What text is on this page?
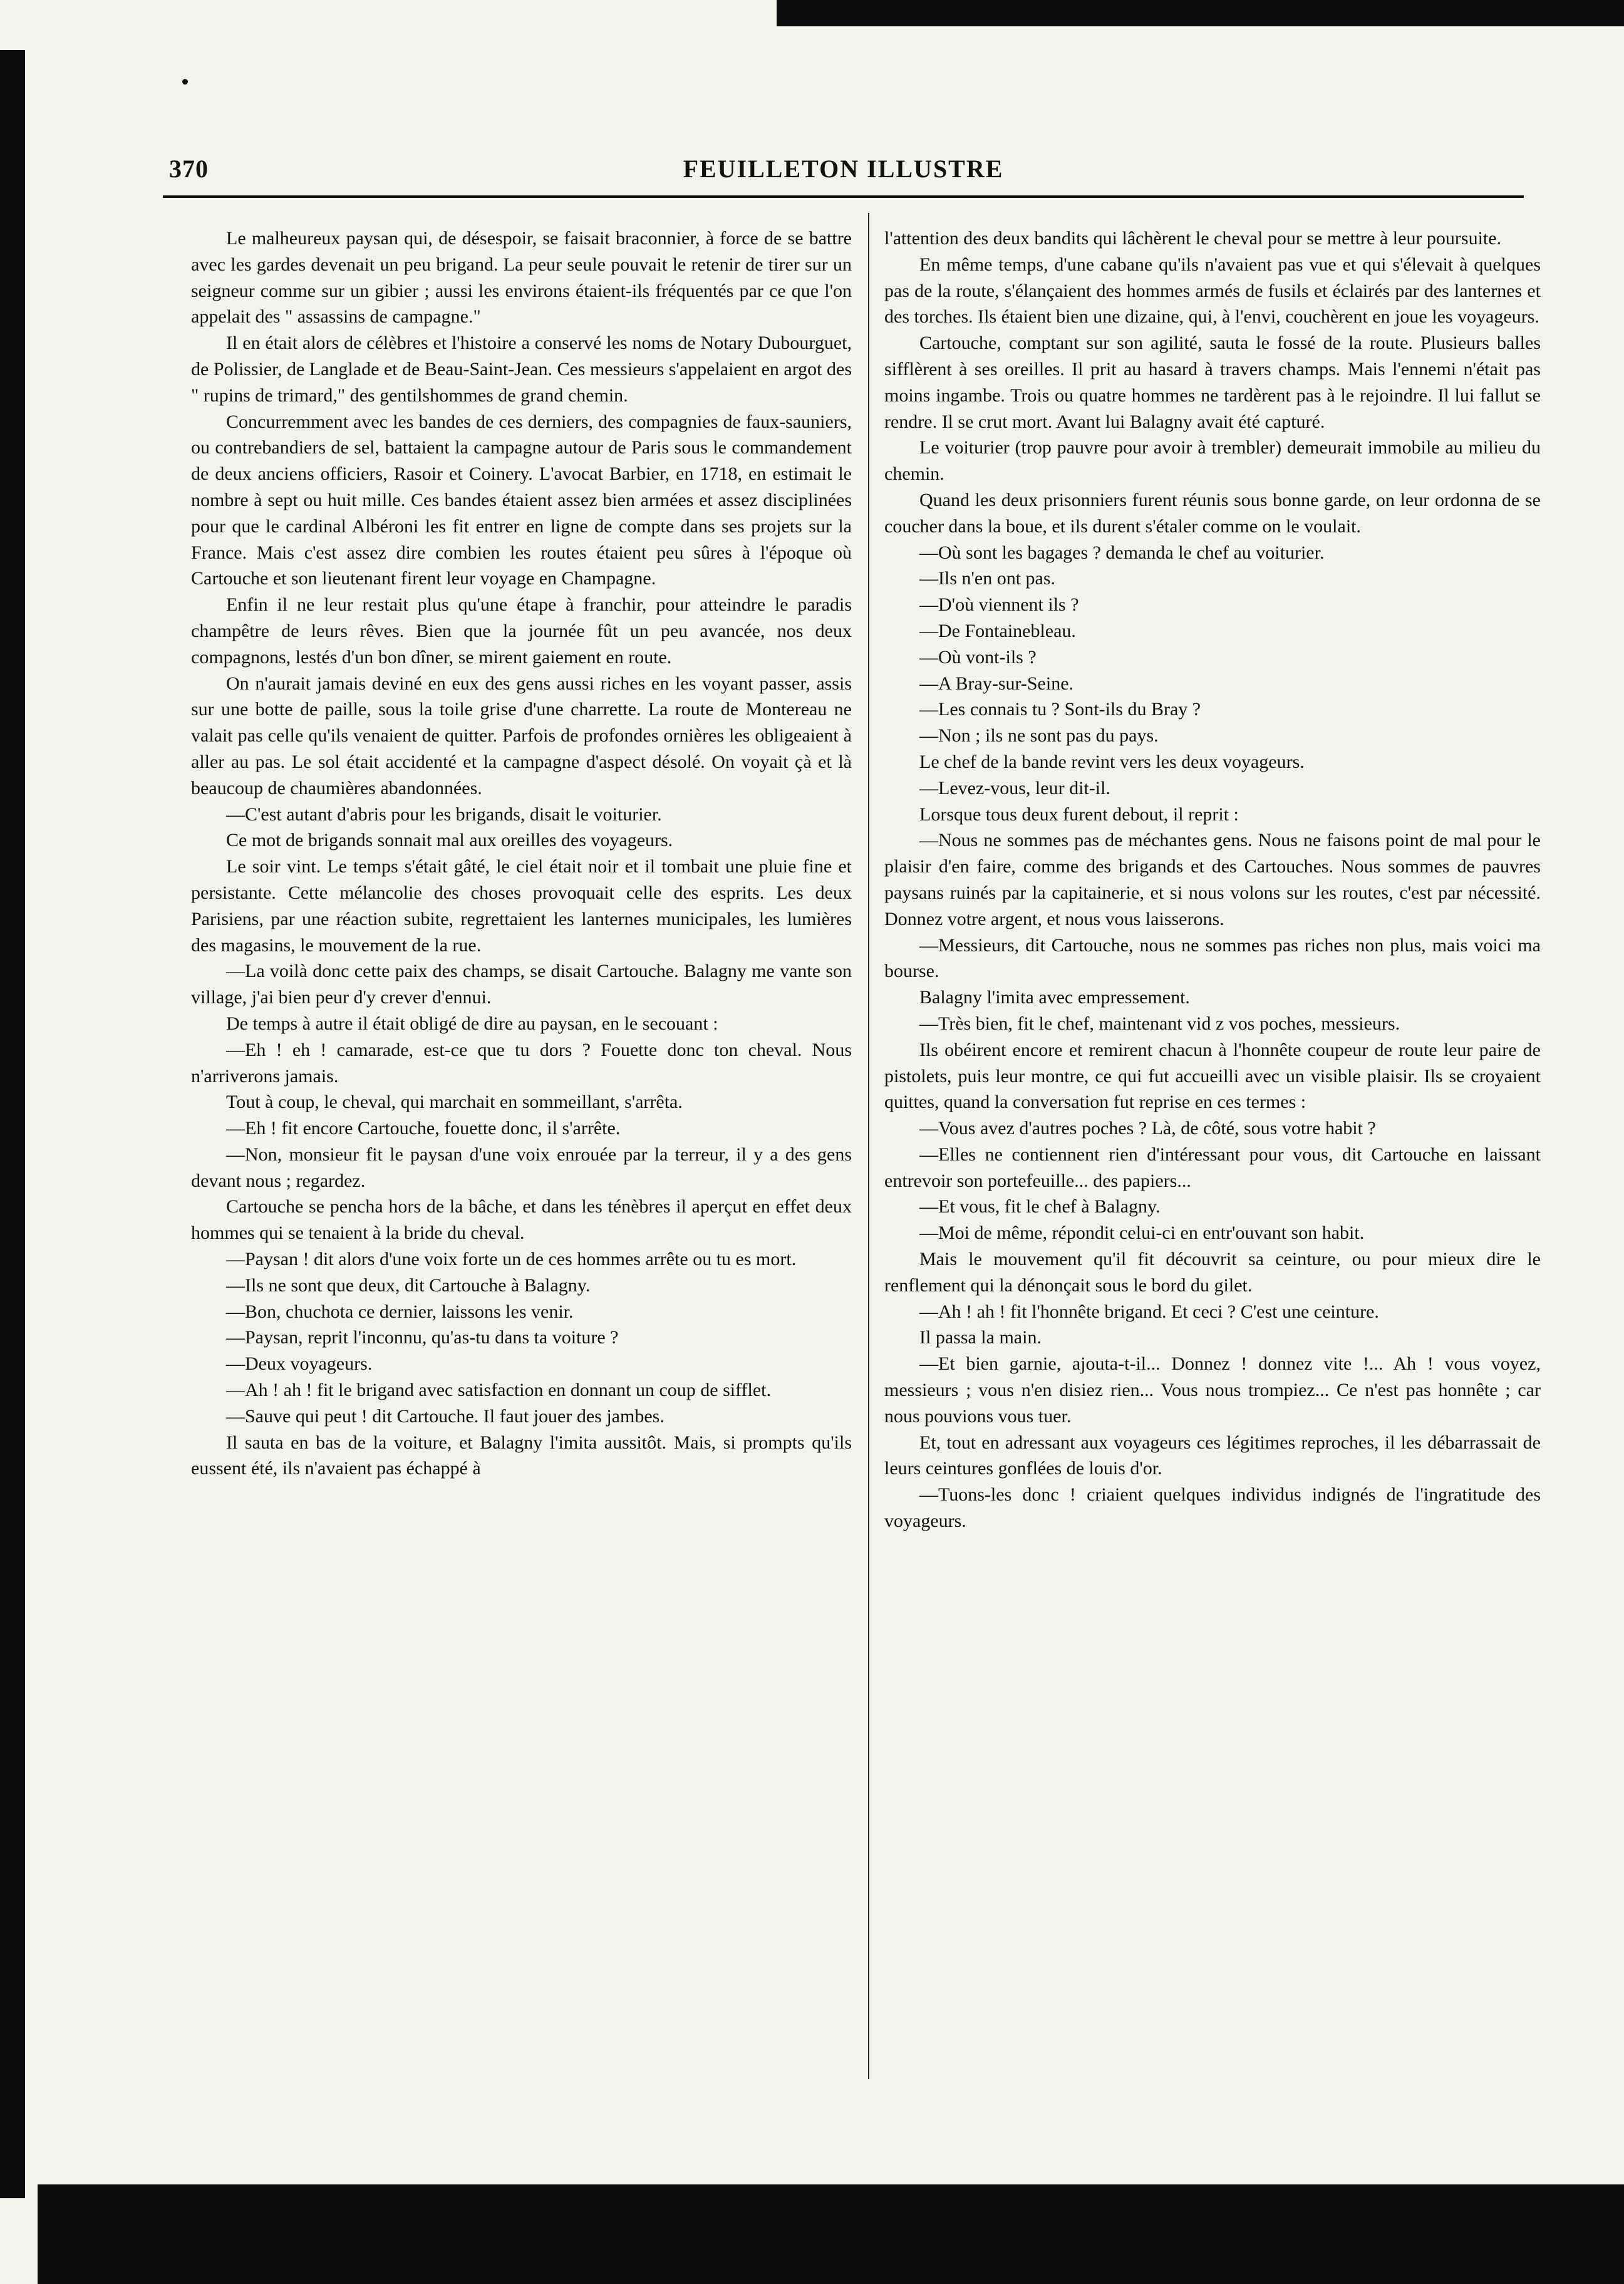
370	FEUILLETON ILLUSTRE

Le malheureux paysan qui, de désespoir, se faisait braconnier, à force de se battre avec les gardes devenait un peu brigand. La peur seule pouvait le retenir de tirer sur un seigneur comme sur un gibier ; aussi les environs étaient-ils fréquentés par ce que l'on appelait des " assassins de campagne."

Il en était alors de célèbres et l'histoire a conservé les noms de Notary Dubourguet, de Polissier, de Langlade et de Beau-Saint-Jean. Ces messieurs s'appelaient en argot des " rupins de trimard," des gentilshommes de grand chemin.

Concurremment avec les bandes de ces derniers, des compagnies de faux-sauniers, ou contrebandiers de sel, battaient la campagne autour de Paris sous le commandement de deux anciens officiers, Rasoir et Coinery. L'avocat Barbier, en 1718, en estimait le nombre à sept ou huit mille. Ces bandes étaient assez bien armées et assez disciplinées pour que le cardinal Albéroni les fit entrer en ligne de compte dans ses projets sur la France. Mais c'est assez dire combien les routes étaient peu sûres à l'époque où Cartouche et son lieutenant firent leur voyage en Champagne.

Enfin il ne leur restait plus qu'une étape à franchir, pour atteindre le paradis champêtre de leurs rêves. Bien que la journée fût un peu avancée, nos deux compagnons, lestés d'un bon dîner, se mirent gaiement en route.

On n'aurait jamais deviné en eux des gens aussi riches en les voyant passer, assis sur une botte de paille, sous la toile grise d'une charrette. La route de Montereau ne valait pas celle qu'ils venaient de quitter. Parfois de profondes ornières les obligeaient à aller au pas. Le sol était accidenté et la campagne d'aspect désolé. On voyait çà et là beaucoup de chaumières abandonnées.

—C'est autant d'abris pour les brigands, disait le voiturier.

Ce mot de brigands sonnait mal aux oreilles des voyageurs.

Le soir vint. Le temps s'était gâté, le ciel était noir et il tombait une pluie fine et persistante. Cette mélancolie des choses provoquait celle des esprits. Les deux Parisiens, par une réaction subite, regrettaient les lanternes municipales, les lumières des magasins, le mouvement de la rue.

—La voilà donc cette paix des champs, se disait Cartouche. Balagny me vante son village, j'ai bien peur d'y crever d'ennui.

De temps à autre il était obligé de dire au paysan, en le secouant :

—Eh ! eh ! camarade, est-ce que tu dors ? Fouette donc ton cheval. Nous n'arriverons jamais.

Tout à coup, le cheval, qui marchait en sommeillant, s'arrêta.

—Eh ! fit encore Cartouche, fouette donc, il s'arrête.

—Non, monsieur fit le paysan d'une voix enrouée par la terreur, il y a des gens devant nous ; regardez.

Cartouche se pencha hors de la bâche, et dans les ténèbres il aperçut en effet deux hommes qui se tenaient à la bride du cheval.

—Paysan ! dit alors d'une voix forte un de ces hommes arrête ou tu es mort.

—Ils ne sont que deux, dit Cartouche à Balagny.

—Bon, chuchota ce dernier, laissons les venir.

—Paysan, reprit l'inconnu, qu'as-tu dans ta voiture ?

—Deux voyageurs.

—Ah ! ah ! fit le brigand avec satisfaction en donnant un coup de sifflet.

—Sauve qui peut ! dit Cartouche. Il faut jouer des jambes.

Il sauta en bas de la voiture, et Balagny l'imita aussitôt. Mais, si prompts qu'ils eussent été, ils n'avaient pas échappé à

l'attention des deux bandits qui lâchèrent le cheval pour se mettre à leur poursuite.

En même temps, d'une cabane qu'ils n'avaient pas vue et qui s'élevait à quelques pas de la route, s'élançaient des hommes armés de fusils et éclairés par des lanternes et des torches. Ils étaient bien une dizaine, qui, à l'envi, couchèrent en joue les voyageurs.

Cartouche, comptant sur son agilité, sauta le fossé de la route. Plusieurs balles sifflèrent à ses oreilles. Il prit au hasard à travers champs. Mais l'ennemi n'était pas moins ingambe. Trois ou quatre hommes ne tardèrent pas à le rejoindre. Il lui fallut se rendre. Il se crut mort. Avant lui Balagny avait été capturé.

Le voiturier (trop pauvre pour avoir à trembler) demeurait immobile au milieu du chemin.

Quand les deux prisonniers furent réunis sous bonne garde, on leur ordonna de se coucher dans la boue, et ils durent s'étaler comme on le voulait.

—Où sont les bagages ? demanda le chef au voiturier.

—Ils n'en ont pas.

—D'où viennent ils ?

—De Fontainebleau.

—Où vont-ils ?

—A Bray-sur-Seine.

—Les connais tu ? Sont-ils du Bray ?

—Non ; ils ne sont pas du pays.

Le chef de la bande revint vers les deux voyageurs.

—Levez-vous, leur dit-il.

Lorsque tous deux furent debout, il reprit :

—Nous ne sommes pas de méchantes gens. Nous ne faisons point de mal pour le plaisir d'en faire, comme des brigands et des Cartouches. Nous sommes de pauvres paysans ruinés par la capitainerie, et si nous volons sur les routes, c'est par nécessité. Donnez votre argent, et nous vous laisserons.

—Messieurs, dit Cartouche, nous ne sommes pas riches non plus, mais voici ma bourse.

Balagny l'imita avec empressement.

—Très bien, fit le chef, maintenant vid z vos poches, messieurs.

Ils obéirent encore et remirent chacun à l'honnête coupeur de route leur paire de pistolets, puis leur montre, ce qui fut accueilli avec un visible plaisir. Ils se croyaient quittes, quand la conversation fut reprise en ces termes :

—Vous avez d'autres poches ? Là, de côté, sous votre habit ?

—Elles ne contiennent rien d'intéressant pour vous, dit Cartouche en laissant entrevoir son portefeuille... des papiers...

—Et vous, fit le chef à Balagny.

—Moi de même, répondit celui-ci en entr'ouvant son habit.

Mais le mouvement qu'il fit découvrit sa ceinture, ou pour mieux dire le renflement qui la dénonçait sous le bord du gilet.

—Ah ! ah ! fit l'honnête brigand. Et ceci ? C'est une ceinture.

Il passa la main.

—Et bien garnie, ajouta-t-il... Donnez ! donnez vite !... Ah ! vous voyez, messieurs ; vous n'en disiez rien... Vous nous trompiez... Ce n'est pas honnête ; car nous pouvions vous tuer.

Et, tout en adressant aux voyageurs ces légitimes reproches, il les débarrassait de leurs ceintures gonflées de louis d'or.

—Tuons-les donc ! criaient quelques individus indignés de l'ingratitude des voyageurs.
